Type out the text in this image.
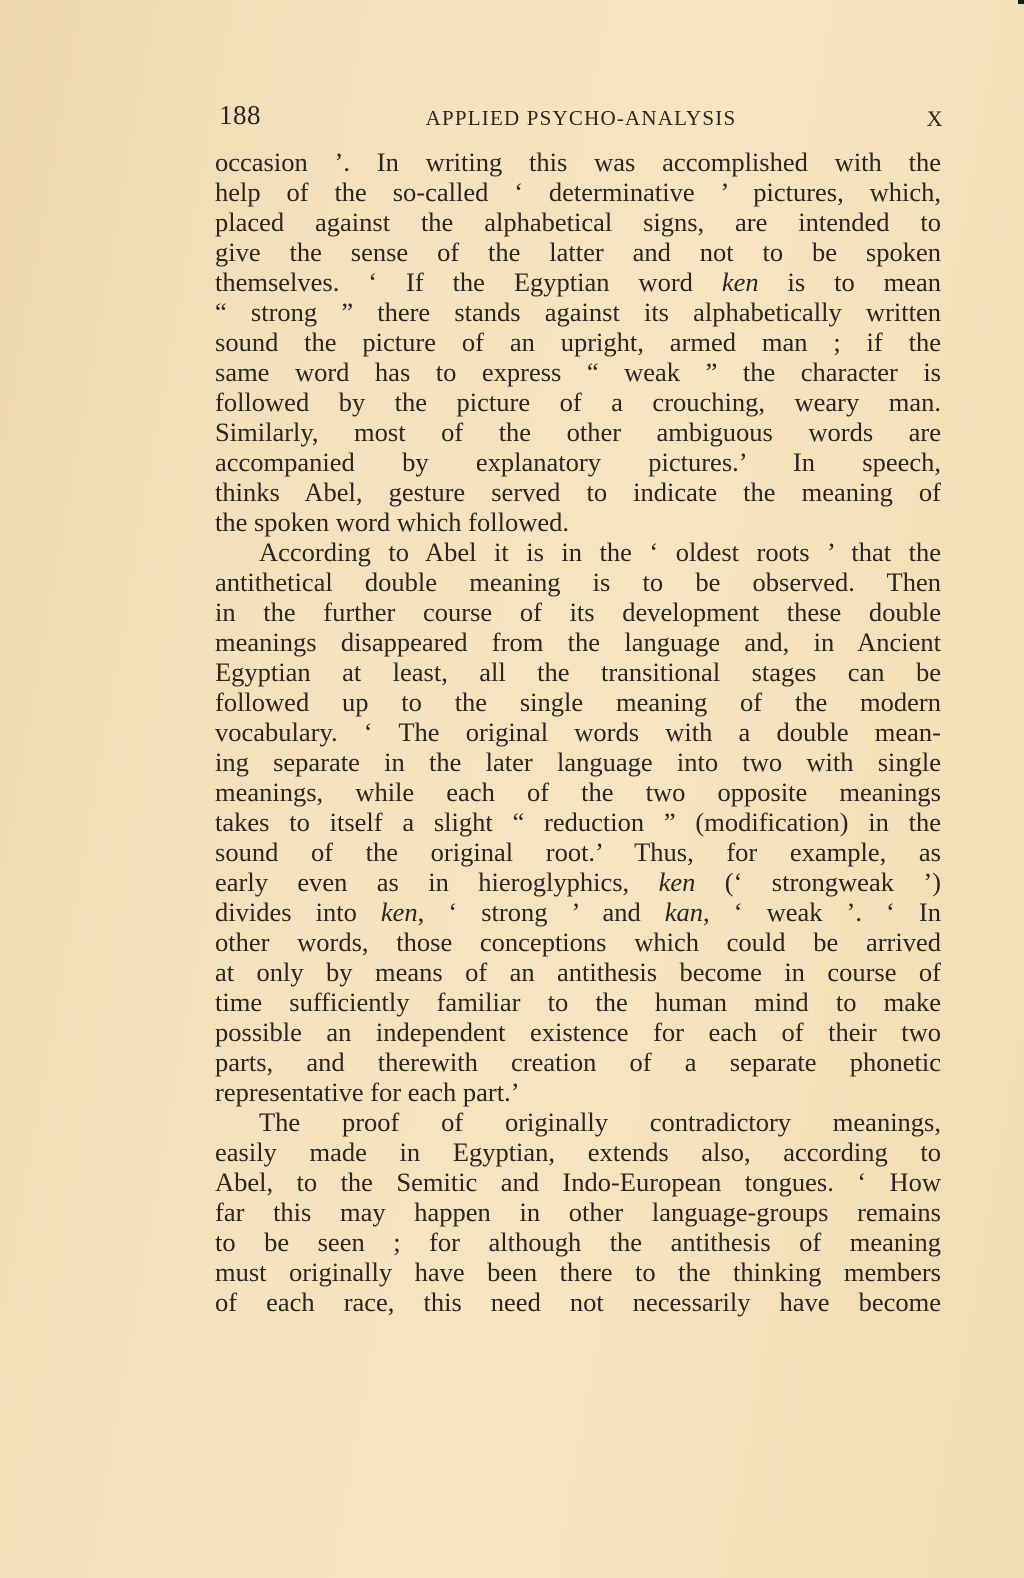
188	APPLIED PSYCHO-ANALYSIS	X
occasion ’. In writing this was accomplished with the
help of the so-called ‘ determinative ’ pictures, which,
placed against the alphabetical signs, are intended to
give the sense of the latter and not to be spoken
themselves. ‘ If the Egyptian word ken is to mean
“ strong ” there stands against its alphabetically written
sound the picture of an upright, armed man ; if the
same word has to express “ weak ” the character is
followed by the picture of a crouching, weary man.
Similarly, most of the other ambiguous words are
accompanied by explanatory pictures.’ In speech,
thinks Abel, gesture served to indicate the meaning of
the spoken word which followed.
According to Abel it is in the ‘ oldest roots ’ that the
antithetical double meaning is to be observed. Then
in the further course of its development these double
meanings disappeared from the language and, in Ancient
Egyptian at least, all the transitional stages can be
followed up to the single meaning of the modern
vocabulary. ‘ The original words with a double mean-
ing separate in the later language into two with single
meanings, while each of the two opposite meanings
takes to itself a slight “ reduction ” (modification) in the
sound of the original root.’ Thus, for example, as
early even as in hieroglyphics, ken (‘ strongweak ’)
divides into ken, ‘ strong ’ and kan, ‘ weak ’. ‘ In
other words, those conceptions which could be arrived
at only by means of an antithesis become in course of
time sufficiently familiar to the human mind to make
possible an independent existence for each of their two
parts, and therewith creation of a separate phonetic
representative for each part.’
The proof of originally contradictory meanings,
easily made in Egyptian, extends also, according to
Abel, to the Semitic and Indo-European tongues. ‘ How
far this may happen in other language-groups remains
to be seen ; for although the antithesis of meaning
must originally have been there to the thinking members
of each race, this need not necessarily have become
